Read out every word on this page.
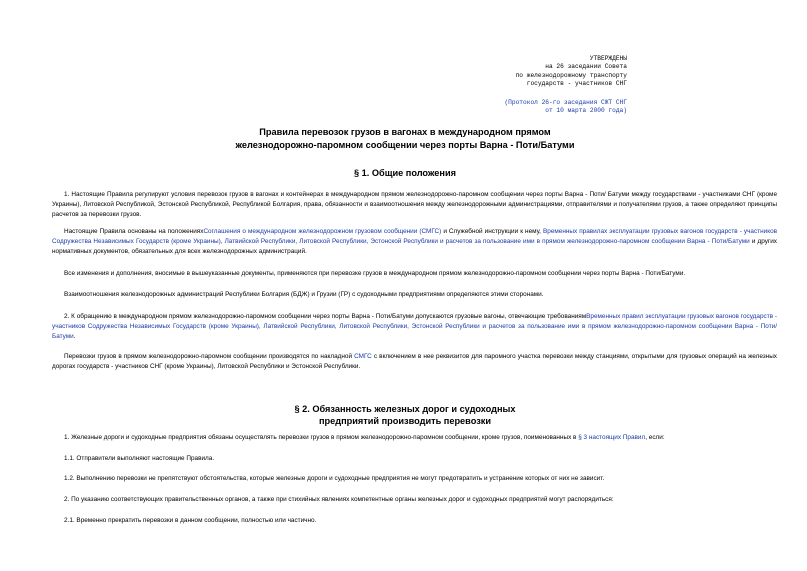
УТВЕРЖДЕНЫ
на 26 заседании Совета
по железнодорожному транспорту
государств - участников СНГ
(Протокол 26-го заседания СЖТ СНГ
от 10 марта 2000 года)
Правила перевозок грузов в вагонах в международном прямом
железнодорожно-паромном сообщении через порты Варна - Поти/Батуми
§ 1. Общие положения
1. Настоящие Правила регулируют условия перевозок грузов в вагонах и контейнерах в международном прямом железнодорожно-паромном сообщении через порты Варна - Поти/ Батуми между государствами - участниками СНГ (кроме Украины), Литовской Республикой, Эстонской Республикой, Республикой Болгария, права, обязанности и взаимоотношения между железнодорожными администрациями, отправителями и получателями грузов, а также определяют принципы расчетов за перевозки грузов.
Настоящие Правила основаны на положенияхСоглашения о международном железнодорожном грузовом сообщении (СМГС) и Служебной инструкции к нему, Временных правилах эксплуатации грузовых вагонов государств - участников Содружества Независимых Государств (кроме Украины), Латвийской Республики, Литовской Республики, Эстонской Республики и расчетов за пользование ими в прямом железнодорожно-паромном сообщении Варна - Поти/Батуми и других нормативных документов, обязательных для всех железнодорожных администраций.
Все изменения и дополнения, вносимые в вышеуказанные документы, применяются при перевозке грузов в международном прямом железнодорожно-паромном сообщении через порты Варна - Поти/Батуми.
Взаимоотношения железнодорожных администраций Республики Болгария (БДЖ) и Грузии (ГР) с судоходными предприятиями определяются этими сторонами.
2. К обращению в международном прямом железнодорожно-паромном сообщении через порты Варна - Поти/Батуми допускаются грузовые вагоны, отвечающие требованиямВременных правил эксплуатации грузовых вагонов государств - участников Содружества Независимых Государств (кроме Украины), Латвийской Республики, Литовской Республики, Эстонской Республики и расчетов за пользование ими в прямом железнодорожно-паромном сообщении Варна - Поти/Батуми.
Перевозки грузов в прямом железнодорожно-паромном сообщении производятся по накладной СМГС с включением в нее реквизитов для паромного участка перевозки между станциями, открытыми для грузовых операций на железных дорогах государств - участников СНГ (кроме Украины), Литовской Республики и Эстонской Республики.
§ 2. Обязанность железных дорог и судоходных
предприятий производить перевозки
1. Железные дороги и судоходные предприятия обязаны осуществлять перевозки грузов в прямом железнодорожно-паромном сообщении, кроме грузов, поименованных в § 3 настоящих Правил, если:
1.1. Отправители выполняют настоящие Правила.
1.2. Выполнению перевозки не препятствуют обстоятельства, которые железные дороги и судоходные предприятия не могут предотвратить и устранение которых от них не зависит.
2. По указанию соответствующих правительственных органов, а также при стихийных явлениях компетентные органы железных дорог и судоходных предприятий могут распорядиться:
2.1. Временно прекратить перевозки в данном сообщении, полностью или частично.
